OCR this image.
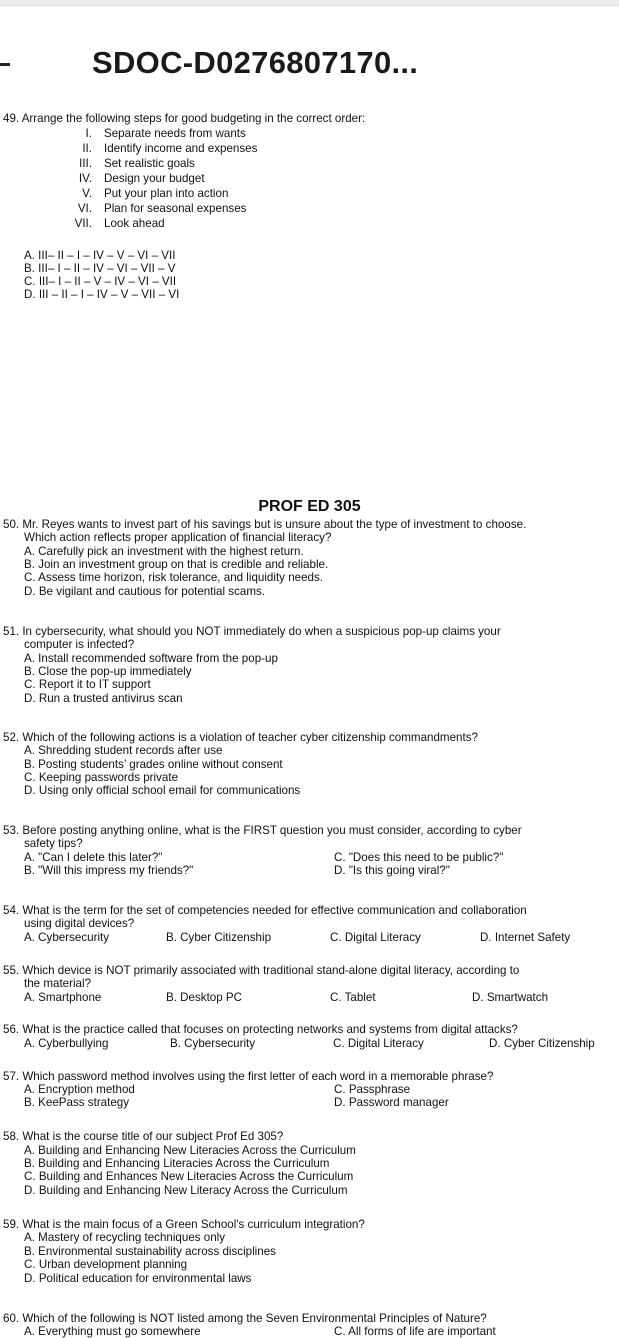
SDOC-D0276807170...
49. Arrange the following steps for good budgeting in the correct order:
I. Separate needs from wants
II. Identify income and expenses
III. Set realistic goals
IV. Design your budget
V. Put your plan into action
VI. Plan for seasonal expenses
VII. Look ahead
A. III– II – I – IV – V – VI – VII
B. III– I – II – IV – VI – VII – V
C. III– I – II – V – IV – VI – VII
D. III – II – I – IV – V – VII – VI
PROF ED 305
50. Mr. Reyes wants to invest part of his savings but is unsure about the type of investment to choose.
Which action reflects proper application of financial literacy?
A. Carefully pick an investment with the highest return.
B. Join an investment group on that is credible and reliable.
C. Assess time horizon, risk tolerance, and liquidity needs.
D. Be vigilant and cautious for potential scams.
51. In cybersecurity, what should you NOT immediately do when a suspicious pop-up claims your
computer is infected?
A. Install recommended software from the pop-up
B. Close the pop-up immediately
C. Report it to IT support
D. Run a trusted antivirus scan
52. Which of the following actions is a violation of teacher cyber citizenship commandments?
A. Shredding student records after use
B. Posting students’ grades online without consent
C. Keeping passwords private
D. Using only official school email for communications
53. Before posting anything online, what is the FIRST question you must consider, according to cyber
safety tips?
A. "Can I delete this later?"	C. "Does this need to be public?"
B. "Will this impress my friends?"	D. "Is this going viral?"
54. What is the term for the set of competencies needed for effective communication and collaboration
using digital devices?
A. Cybersecurity	B. Cyber Citizenship	C. Digital Literacy	D. Internet Safety
55. Which device is NOT primarily associated with traditional stand-alone digital literacy, according to
the material?
A. Smartphone	B. Desktop PC	C. Tablet	D. Smartwatch
56. What is the practice called that focuses on protecting networks and systems from digital attacks?
A. Cyberbullying	B. Cybersecurity	C. Digital Literacy	D. Cyber Citizenship
57. Which password method involves using the first letter of each word in a memorable phrase?
A. Encryption method	C. Passphrase
B. KeePass strategy	D. Password manager
58. What is the course title of our subject Prof Ed 305?
A. Building and Enhancing New Literacies Across the Curriculum
B. Building and Enhancing Literacies Across the Curriculum
C. Building and Enhances New Literacies Across the Curriculum
D. Building and Enhancing New Literacy Across the Curriculum
59. What is the main focus of a Green School's curriculum integration?
A. Mastery of recycling techniques only
B. Environmental sustainability across disciplines
C. Urban development planning
D. Political education for environmental laws
60. Which of the following is NOT listed among the Seven Environmental Principles of Nature?
A. Everything must go somewhere	C. All forms of life are important
